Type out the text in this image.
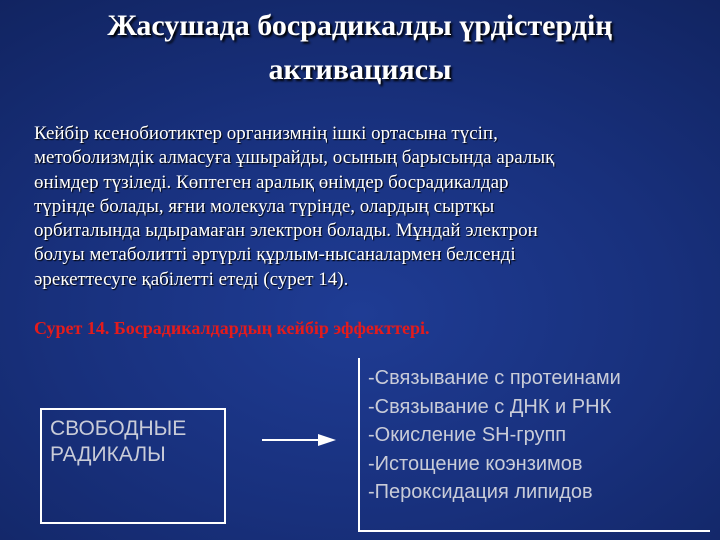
Жасушада босрадикалды үрдістердің
активациясы
Кейбір ксенобиотиктер организмнің ішкі ортасына түсіп,
метоболизмдік алмасуға ұшырайды, осының барысында аралық
өнімдер түзіледі. Көптеген аралық өнімдер босрадикалдар
түрінде болады, яғни молекула түрінде, олардың сыртқы
орбиталында ыдырамаған электрон болады. Мұндай электрон
болуы метаболитті әртүрлі құрлым-нысаналармен белсенді
әрекеттесуге қабілетті етеді (сурет 14).

Сурет 14. Босрадикалдардың кейбір эффекттері.

СВОБОДНЫЕ
РАДИКАЛЫ
-Связывание с протеинами
-Связывание с ДНК и РНК
-Окисление SH-групп
-Истощение коэнзимов
-Пероксидация липидов
